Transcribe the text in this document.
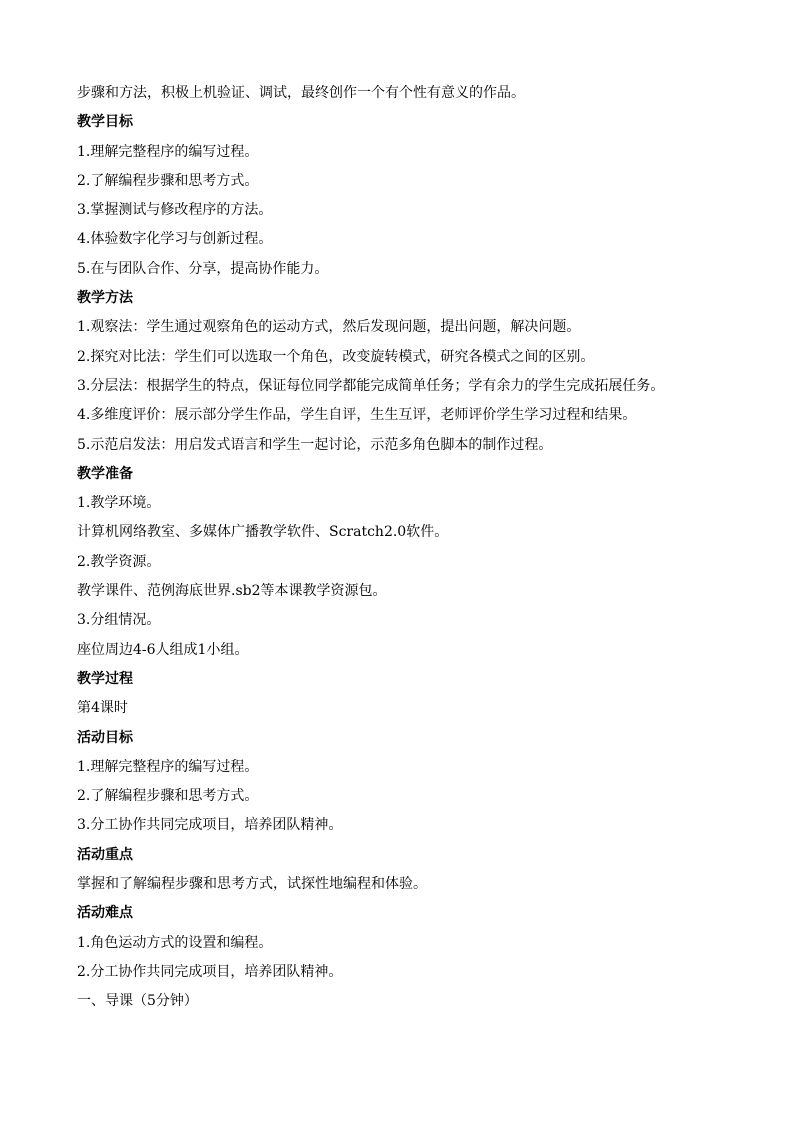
步骤和方法，积极上机验证、调试，最终创作一个有个性有意义的作品。

教学目标

1.理解完整程序的编写过程。

2.了解编程步骤和思考方式。

3.掌握测试与修改程序的方法。

4.体验数字化学习与创新过程。

5.在与团队合作、分享，提高协作能力。

教学方法

1.观察法：学生通过观察角色的运动方式，然后发现问题，提出问题，解决问题。

2.探究对比法：学生们可以选取一个角色，改变旋转模式，研究各模式之间的区别。

3.分层法：根据学生的特点，保证每位同学都能完成简单任务；学有余力的学生完成拓展任务。

4.多维度评价：展示部分学生作品，学生自评，生生互评，老师评价学生学习过程和结果。

5.示范启发法：用启发式语言和学生一起讨论，示范多角色脚本的制作过程。

教学准备

1.教学环境。

计算机网络教室、多媒体广播教学软件、Scratch2.0软件。

2.教学资源。

教学课件、范例海底世界.sb2等本课教学资源包。

3.分组情况。

座位周边4-6人组成1小组。

教学过程

第4课时

活动目标

1.理解完整程序的编写过程。

2.了解编程步骤和思考方式。

3.分工协作共同完成项目，培养团队精神。

活动重点

掌握和了解编程步骤和思考方式，试探性地编程和体验。

活动难点

1.角色运动方式的设置和编程。

2.分工协作共同完成项目，培养团队精神。

一、导课（5分钟）
